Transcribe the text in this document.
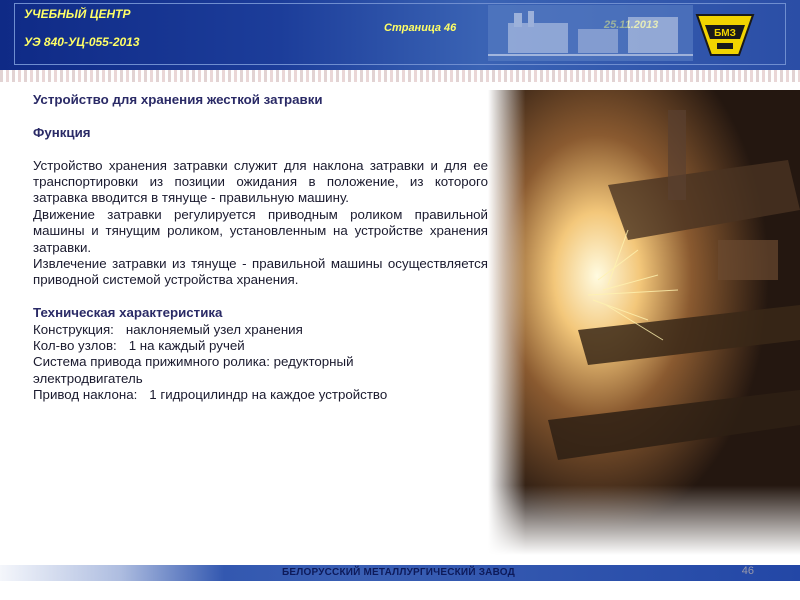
УЧЕБНЫЙ ЦЕНТР
УЭ 840-УЦ-055-2013
Страница 46	БМЗ

Устройство для хранения жесткой затравки

Функция

Устройство хранения затравки служит для наклона затравки и для ее транспортировки из позиции ожидания в положение, из которого затравка вводится в тянуще - правильную машину.

Движение затравки регулируется приводным роликом правильной машины и тянущим роликом, установленным на устройстве хранения затравки.

Извлечение затравки из тянуще - правильной машины осуществляется приводной системой устройства хранения.

Техническая характеристика

Конструкция: наклоняемый узел хранения

Кол-во узлов: 1 на каждый ручей

Система привода прижимного ролика: редукторный

электродвигатель

Привод наклона: 1 гидроцилиндр на каждое устройство

БЕЛОРУССКИЙ МЕТАЛЛУРГИЧЕСКИЙ ЗАВОД	46
